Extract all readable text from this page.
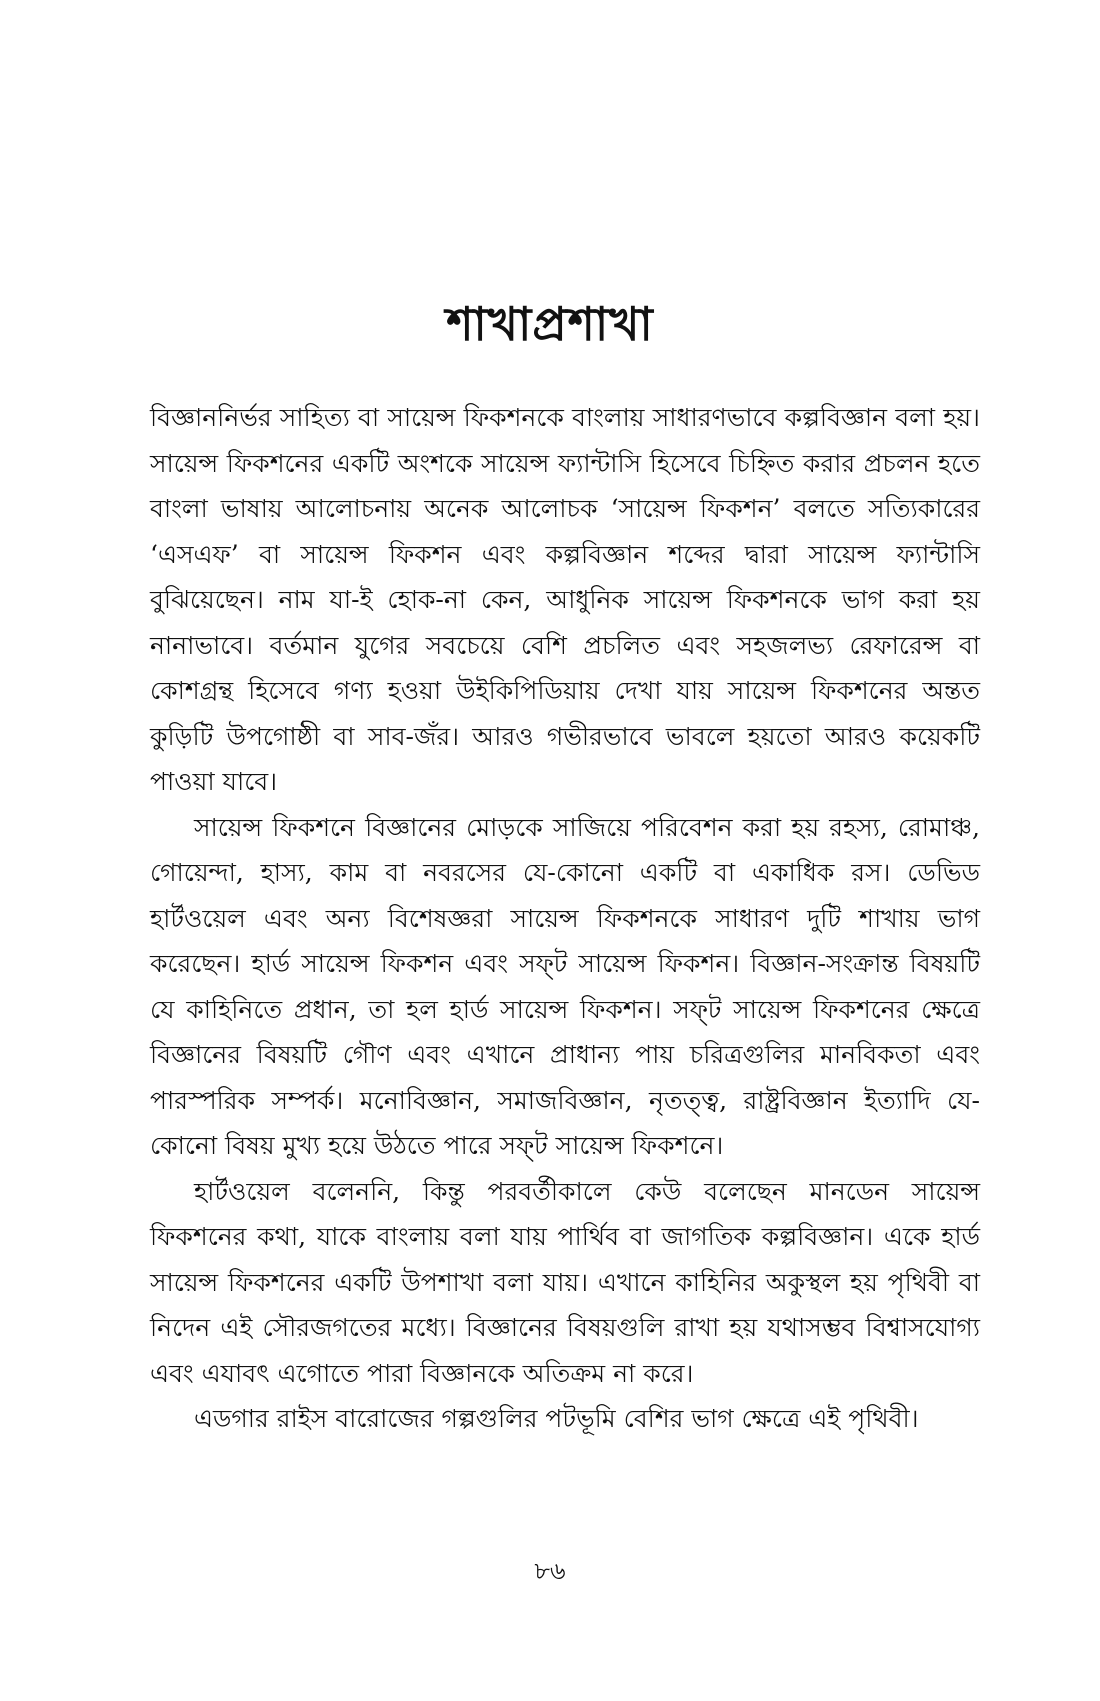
শাখাপ্রশাখা

বিজ্ঞাননির্ভর সাহিত্য বা সায়েন্স ফিকশনকে বাংলায় সাধারণভাবে কল্পবিজ্ঞান বলা হয়। সায়েন্স ফিকশনের একটি অংশকে সায়েন্স ফ্যান্টাসি হিসেবে চিহ্নিত করার প্রচলন হতে বাংলা ভাষায় আলোচনায় অনেক আলোচক ‘সায়েন্স ফিকশন’ বলতে সত্যিকারের ‘এসএফ’ বা সায়েন্স ফিকশন এবং কল্পবিজ্ঞান শব্দের দ্বারা সায়েন্স ফ্যান্টাসি বুঝিয়েছেন। নাম যা-ই হোক-না কেন, আধুনিক সায়েন্স ফিকশনকে ভাগ করা হয় নানাভাবে। বর্তমান যুগের সবচেয়ে বেশি প্রচলিত এবং সহজলভ্য রেফারেন্স বা কোশগ্রন্থ হিসেবে গণ্য হওয়া উইকিপিডিয়ায় দেখা যায় সায়েন্স ফিকশনের অন্তত কুড়িটি উপগোষ্ঠী বা সাব-জঁর। আরও গভীরভাবে ভাবলে হয়তো আরও কয়েকটি পাওয়া যাবে।

সায়েন্স ফিকশনে বিজ্ঞানের মোড়কে সাজিয়ে পরিবেশন করা হয় রহস্য, রোমাঞ্চ, গোয়েন্দা, হাস্য, কাম বা নবরসের যে-কোনো একটি বা একাধিক রস। ডেভিড হার্টওয়েল এবং অন্য বিশেষজ্ঞরা সায়েন্স ফিকশনকে সাধারণ দুটি শাখায় ভাগ করেছেন। হার্ড সায়েন্স ফিকশন এবং সফ্‌ট সায়েন্স ফিকশন। বিজ্ঞান-সংক্রান্ত বিষয়টি যে কাহিনিতে প্রধান, তা হল হার্ড সায়েন্স ফিকশন। সফ্‌ট সায়েন্স ফিকশনের ক্ষেত্রে বিজ্ঞানের বিষয়টি গৌণ এবং এখানে প্রাধান্য পায় চরিত্রগুলির মানবিকতা এবং পারস্পরিক সম্পর্ক। মনোবিজ্ঞান, সমাজবিজ্ঞান, নৃতত্ত্ব, রাষ্ট্রবিজ্ঞান ইত্যাদি যে-কোনো বিষয় মুখ্য হয়ে উঠতে পারে সফ্‌ট সায়েন্স ফিকশনে।

হার্টওয়েল বলেননি, কিন্তু পরবর্তীকালে কেউ বলেছেন মানডেন সায়েন্স ফিকশনের কথা, যাকে বাংলায় বলা যায় পার্থিব বা জাগতিক কল্পবিজ্ঞান। একে হার্ড সায়েন্স ফিকশনের একটি উপশাখা বলা যায়। এখানে কাহিনির অকুস্থল হয় পৃথিবী বা নিদেন এই সৌরজগতের মধ্যে। বিজ্ঞানের বিষয়গুলি রাখা হয় যথাসম্ভব বিশ্বাসযোগ্য এবং এযাবৎ এগোতে পারা বিজ্ঞানকে অতিক্রম না করে।

এডগার রাইস বারোজের গল্পগুলির পটভূমি বেশির ভাগ ক্ষেত্রে এই পৃথিবী।

৮৬
